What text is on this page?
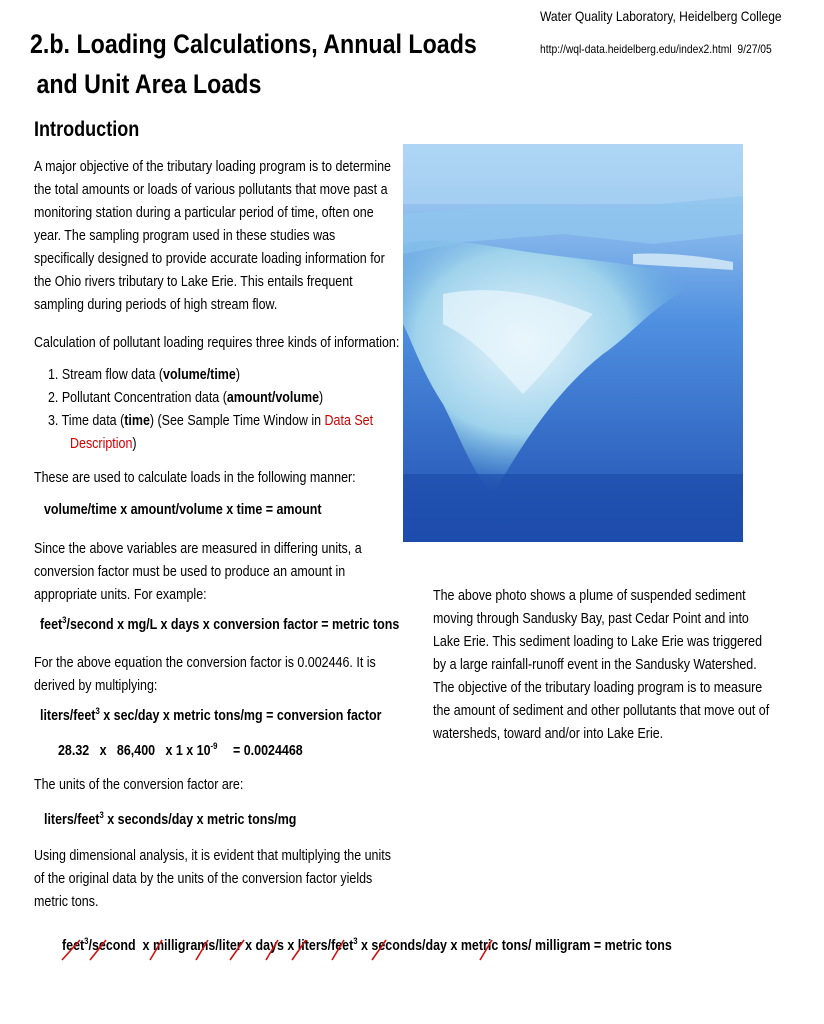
2.b. Loading Calculations, Annual Loads
and Unit Area Loads
Water Quality Laboratory, Heidelberg College
http://wql-data.heidelberg.edu/index2.html 9/27/05
Introduction
A major objective of the tributary loading program is to determine
the total amounts or loads of various pollutants that move past a
monitoring station during a particular period of time, often one
year. The sampling program used in these studies was
specifically designed to provide accurate loading information for
the Ohio rivers tributary to Lake Erie. This entails frequent
sampling during periods of high stream flow.
Calculation of pollutant loading requires three kinds of information:
1. Stream flow data (volume/time)
2. Pollutant Concentration data (amount/volume)
3. Time data (time) (See Sample Time Window in Data Set
Description)
These are used to calculate loads in the following manner:
volume/time x amount/volume x time = amount
Since the above variables are measured in differing units, a
conversion factor must be used to produce an amount in
appropriate units. For example:
feet$^3$/second x mg/L x days x conversion factor = metric tons
For the above equation the conversion factor is 0.002446. It is
derived by multiplying:
liters/feet$^3$ x sec/day x metric tons/mg = conversion factor
28.32   x   86,400   x 1 x $10^{-9}$	= 0.0024468
The units of the conversion factor are:
liters/feet$^3$ x seconds/day x metric tons/mg
Using dimensional analysis, it is evident that multiplying the units
of the original data by the units of the conversion factor yields
metric tons.
feet$^3$/second  x milligrams/liter x days x liters/feet$^3$ x seconds/day x metric tons/ milligram = metric tons
The above photo shows a plume of suspended sediment
moving through Sandusky Bay, past Cedar Point and into
Lake Erie. This sediment loading to Lake Erie was triggered
by a large rainfall-runoff event in the Sandusky Watershed.
The objective of the tributary loading program is to measure
the amount of sediment and other pollutants that move out of
watersheds, toward and/or into Lake Erie.
